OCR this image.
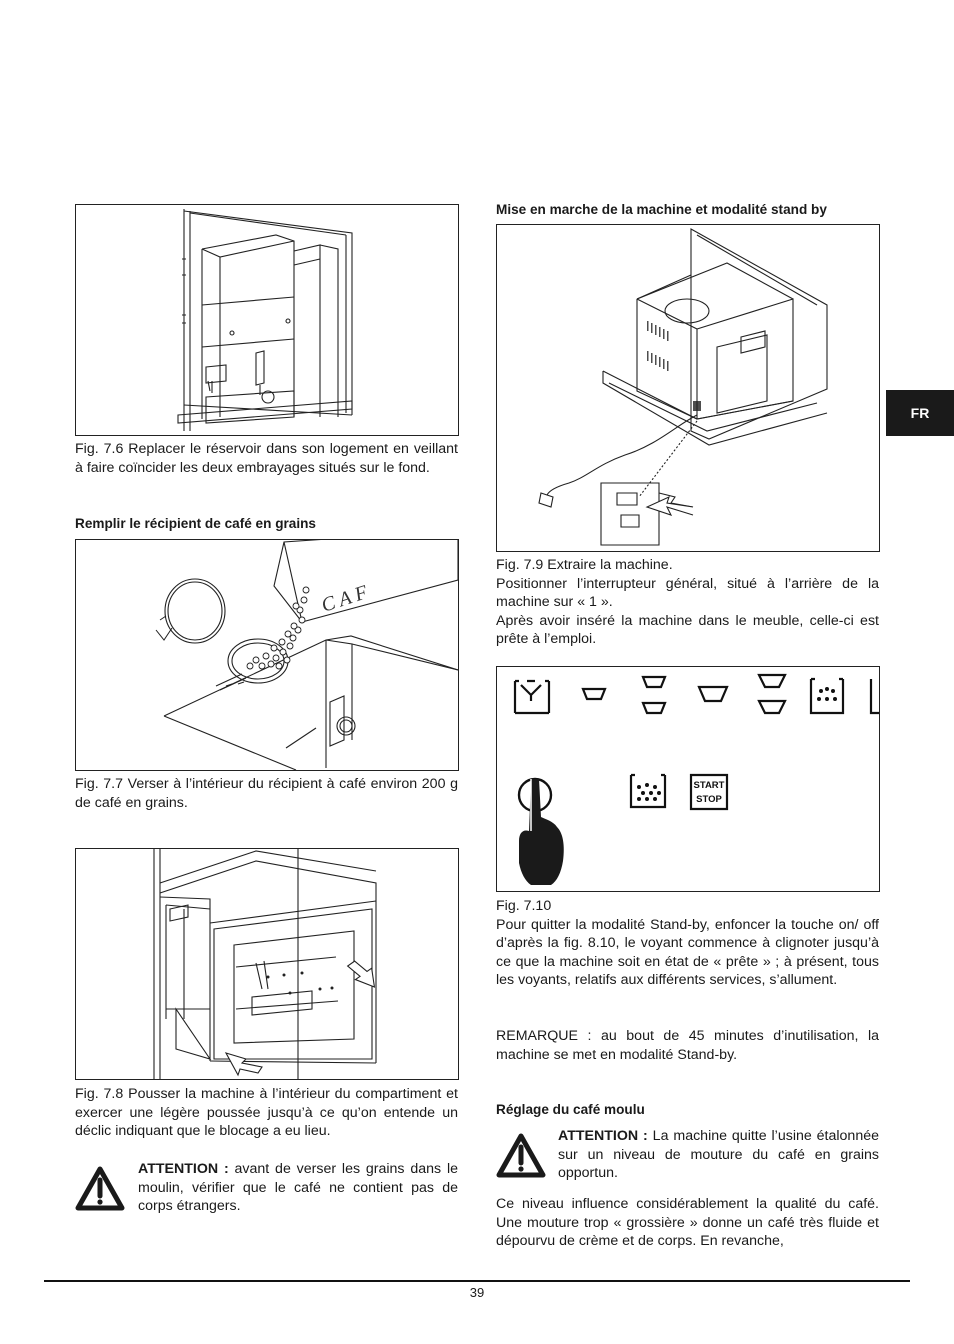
Fig. 7.6 Replacer le réservoir dans son logement en veillant à faire coïncider les deux embrayages situés sur le fond.
Remplir le récipient de café en grains
C A F
Fig. 7.7 Verser à l’intérieur du récipient à café environ 200 g de café en grains.
Fig. 7.8 Pousser la machine à l’intérieur du compartiment et exercer une légère poussée jusqu’à ce qu’on entende un déclic indiquant que le blocage a eu lieu.
ATTENTION : avant de verser les grains dans le moulin, vérifier que le café ne contient pas de corps étrangers.
Mise en marche de la machine et modalité stand by

Fig. 7.9 Extraire la machine.

Positionner l’interrupteur général, situé à l’arrière de la machine sur « 1 ».

Après avoir inséré la machine dans le meuble, celle-ci est prête à l’emploi.

START
STOP

Fig. 7.10

Pour quitter la modalité Stand-by, enfoncer la touche on/ off d’après la fig. 8.10, le voyant commence à clignoter jusqu’à ce que la machine soit en état de « prête » ; à présent, tous les voyants, relatifs aux différents services, s’allument.

REMARQUE : au bout de 45 minutes d’inutilisation, la machine se met en modalité Stand-by.
Réglage du café moulu
ATTENTION : La machine quitte l’usine étalonnée sur un niveau de mouture du café en grains opportun.
Ce niveau influence considérablement la qualité du café. Une mouture trop « grossière » donne un café très fluide et dépourvu de crème et de corps. En revanche,
FR
39
